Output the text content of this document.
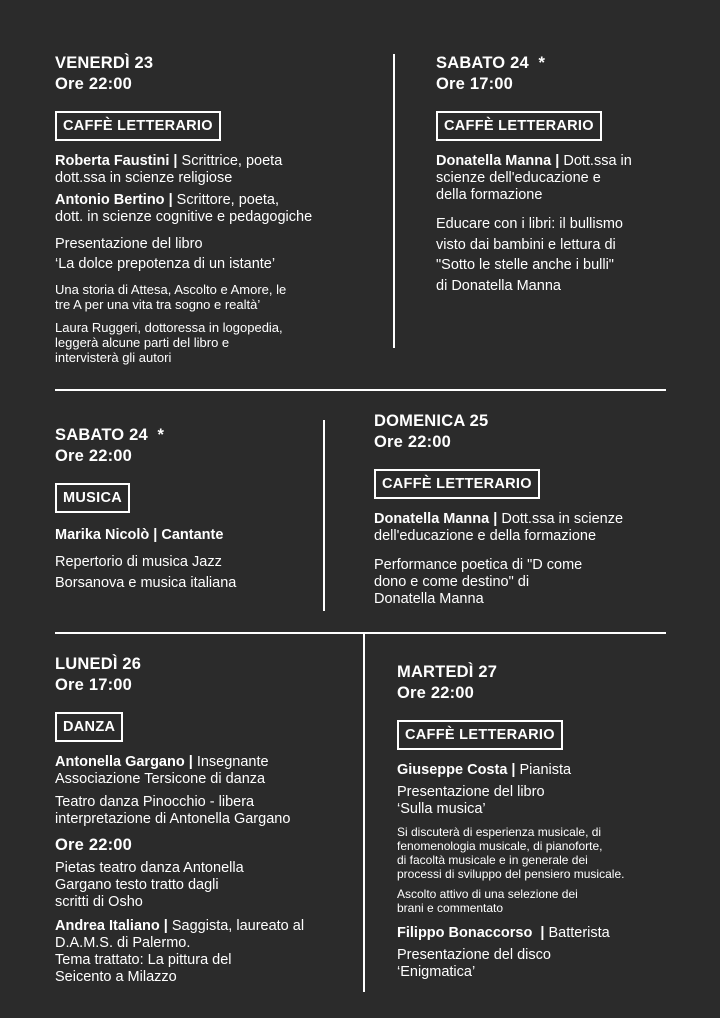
VENERDÌ 23
Ore 22:00
CAFFÈ LETTERARIO
Roberta Faustini | Scrittrice, poeta
dott.ssa in scienze religiose
Antonio Bertino | Scrittore, poeta,
dott. in scienze cognitive e pedagogiche
Presentazione del libro
‘La dolce prepotenza di un istante’
Una storia di Attesa, Ascolto e Amore, le
tre A per una vita tra sogno e realtà’
Laura Ruggeri, dottoressa in logopedia,
leggerà alcune parti del libro e
intervisterà gli autori
SABATO 24  *
Ore 17:00
CAFFÈ LETTERARIO
Donatella Manna | Dott.ssa in
scienze dell'educazione e
della formazione
Educare con i libri: il bullismo
visto dai bambini e lettura di
"Sotto le stelle anche i bulli"
di Donatella Manna
SABATO 24  *
Ore 22:00
MUSICA
Marika Nicolò | Cantante
Repertorio di musica Jazz
Borsanova e musica italiana
DOMENICA 25
Ore 22:00
CAFFÈ LETTERARIO
Donatella Manna | Dott.ssa in scienze
dell'educazione e della formazione
Performance poetica di "D come
dono e come destino" di
Donatella Manna
LUNEDÌ 26
Ore 17:00
DANZA
Antonella Gargano | Insegnante
Associazione Tersicone di danza
Teatro danza Pinocchio - libera
interpretazione di Antonella Gargano
Ore 22:00
Pietas teatro danza Antonella
Gargano testo tratto dagli
scritti di Osho
Andrea Italiano | Saggista, laureato al
D.A.M.S. di Palermo.
Tema trattato: La pittura del
Seicento a Milazzo
MARTEDÌ 27
Ore 22:00
CAFFÈ LETTERARIO
Giuseppe Costa | Pianista
Presentazione del libro
‘Sulla musica’
Si discuterà di esperienza musicale, di
fenomenologia musicale, di pianoforte,
di facoltà musicale e in generale dei
processi di sviluppo del pensiero musicale.
Ascolto attivo di una selezione dei
brani e commentato
Filippo Bonaccorso  | Batterista
Presentazione del disco
‘Enigmatica’
